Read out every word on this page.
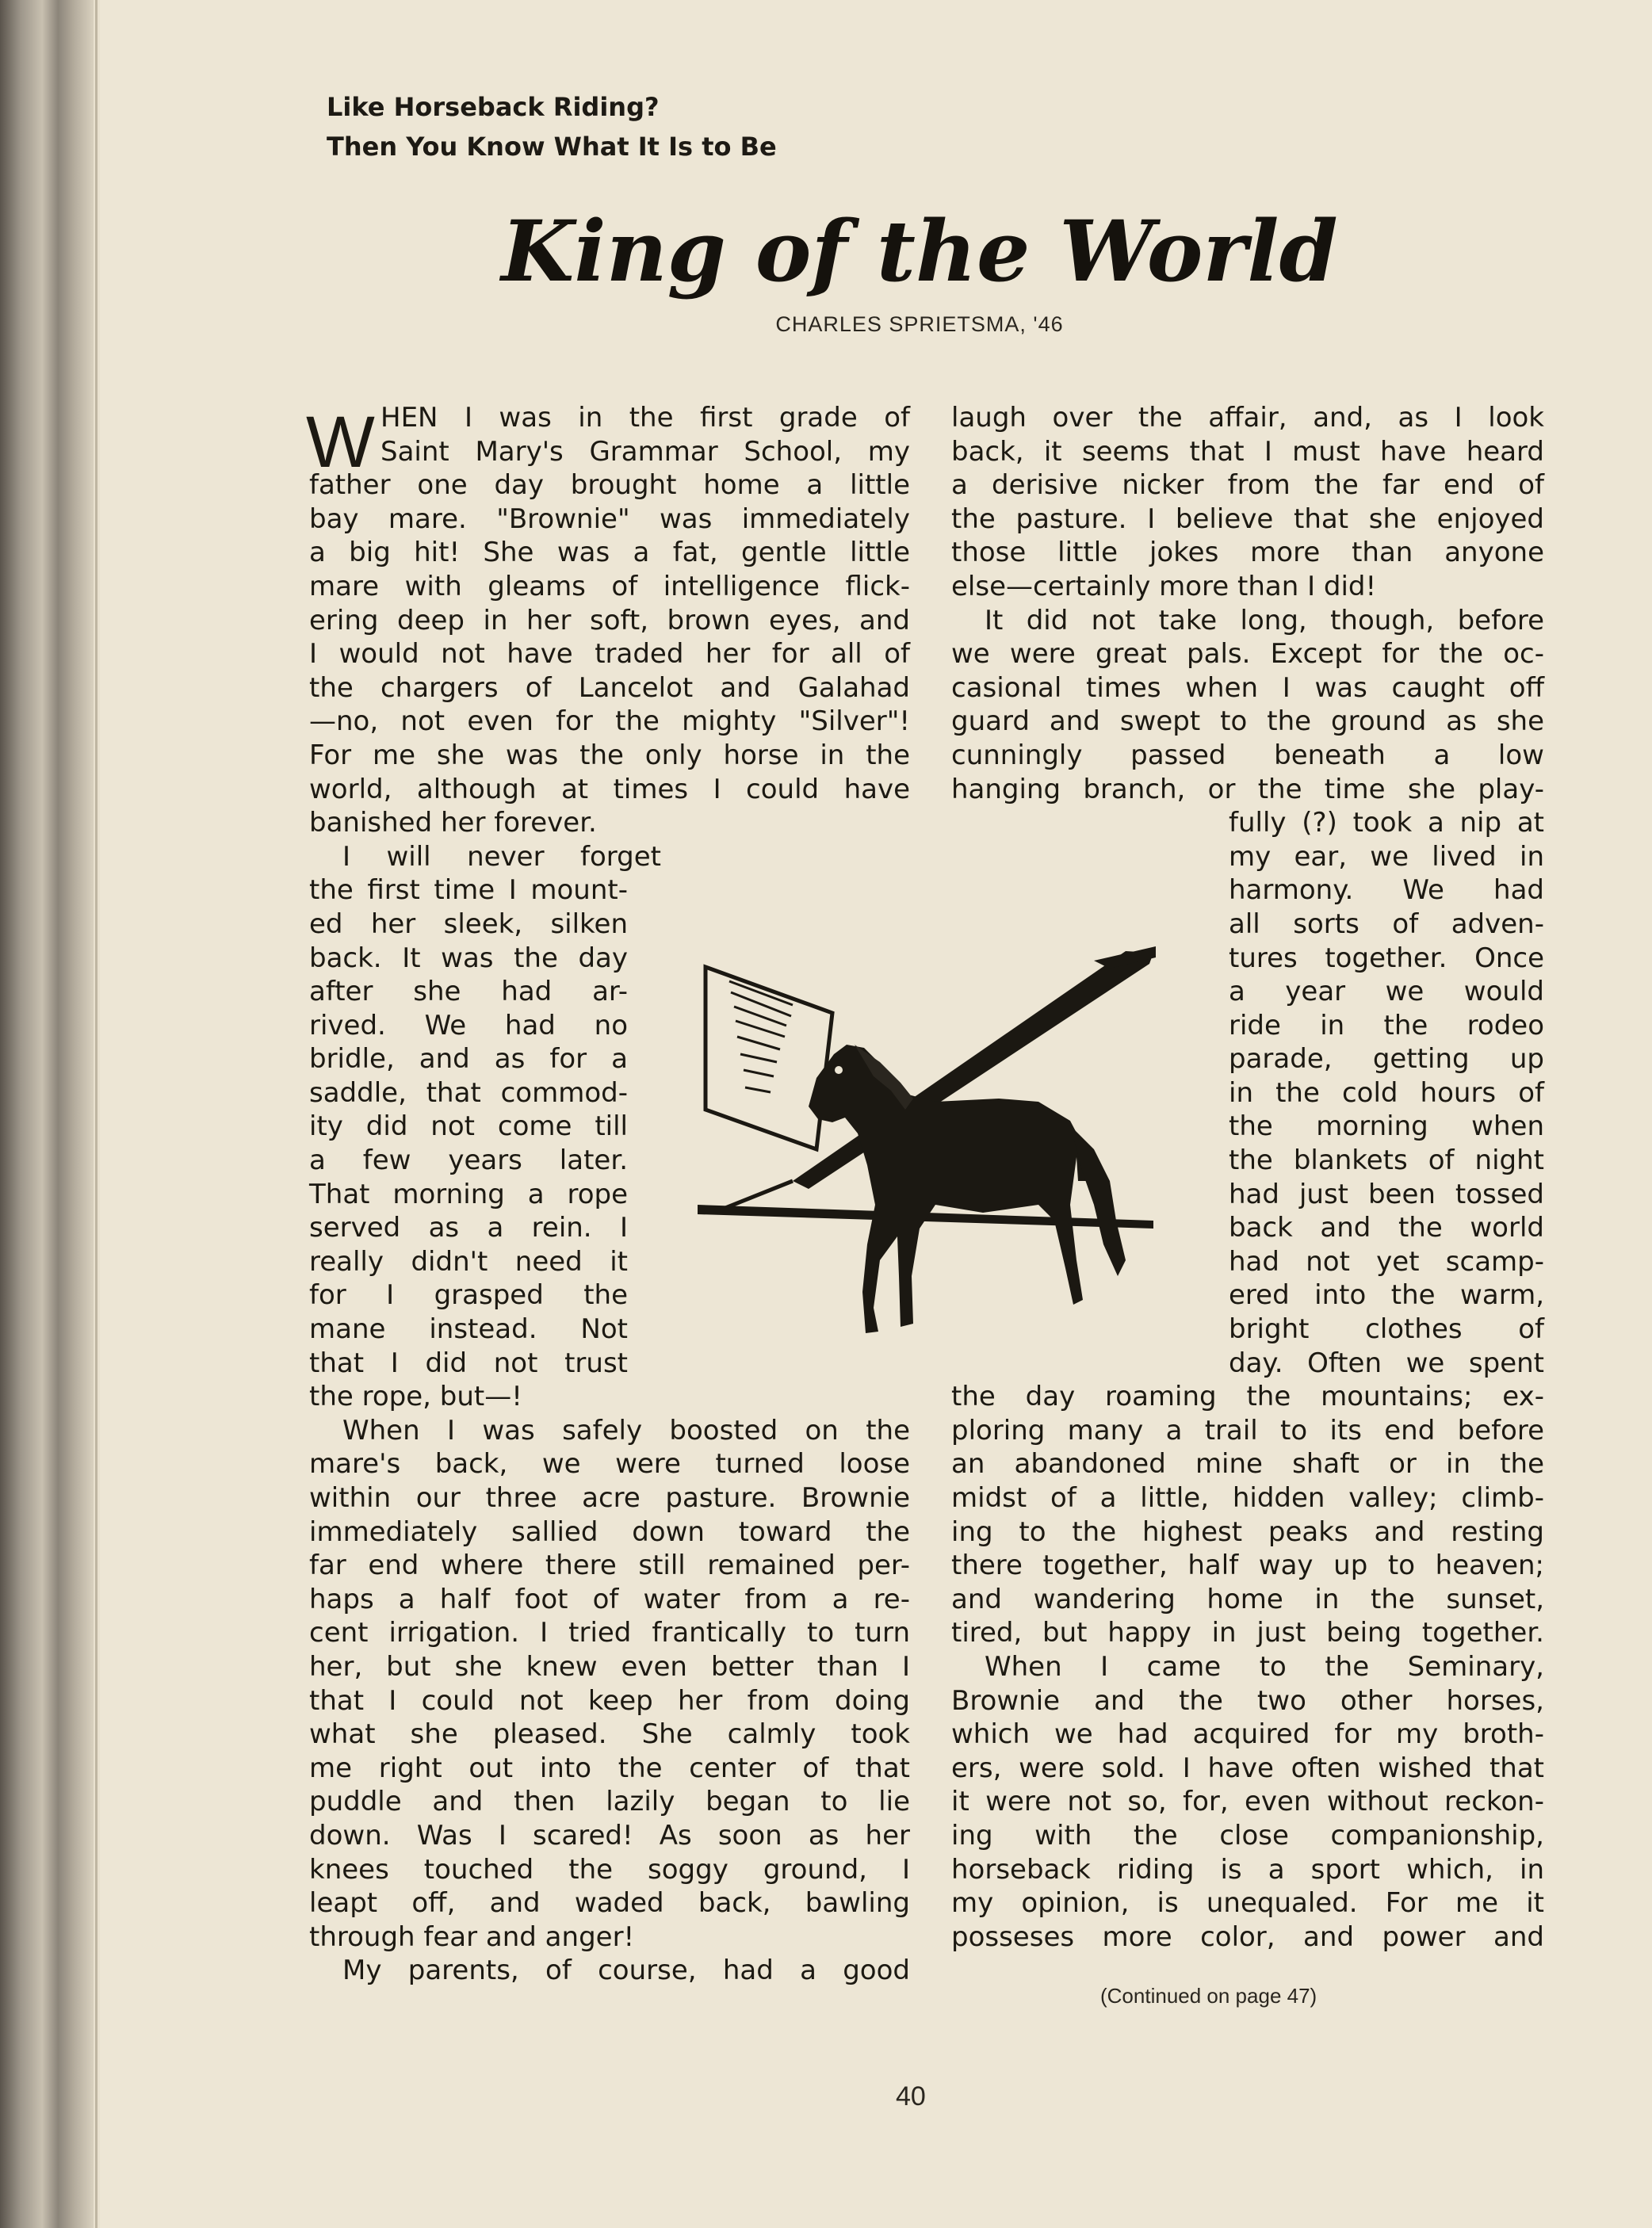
Like Horseback Riding?
Then You Know What It Is to Be
King of the World
CHARLES SPRIETSMA, '46
W HEN I was in the first grade of
Saint Mary's Grammar School, my
father one day brought home a little
bay mare. "Brownie" was immediately
a big hit! She was a fat, gentle little
mare with gleams of intelligence flick-
ering deep in her soft, brown eyes, and
I would not have traded her for all of
the chargers of Lancelot and Galahad
—no, not even for the mighty "Silver"!
For me she was the only horse in the
world, although at times I could have
banished her forever.
I will never forget
the first time I mount-
ed her sleek, silken
back. It was the day
after she had ar-
rived. We had no
bridle, and as for a
saddle, that commod-
ity did not come till
a few years later.
That morning a rope
served as a rein. I
really didn't need it
for I grasped the
mane instead. Not
that I did not trust
the rope, but—!
When I was safely boosted on the
mare's back, we were turned loose
within our three acre pasture. Brownie
immediately sallied down toward the
far end where there still remained per-
haps a half foot of water from a re-
cent irrigation. I tried frantically to turn
her, but she knew even better than I
that I could not keep her from doing
what she pleased. She calmly took
me right out into the center of that
puddle and then lazily began to lie
down. Was I scared! As soon as her
knees touched the soggy ground, I
leapt off, and waded back, bawling
through fear and anger!
My parents, of course, had a good
laugh over the affair, and, as I look
back, it seems that I must have heard
a derisive nicker from the far end of
the pasture. I believe that she enjoyed
those little jokes more than anyone
else—certainly more than I did!
It did not take long, though, before
we were great pals. Except for the oc-
casional times when I was caught off
guard and swept to the ground as she
cunningly passed beneath a low
hanging branch, or the time she play-
fully (?) took a nip at
my ear, we lived in
harmony. We had
all sorts of adven-
tures together. Once
a year we would
ride in the rodeo
parade, getting up
in the cold hours of
the morning when
the blankets of night
had just been tossed
back and the world
had not yet scamp-
ered into the warm,
bright clothes of
day. Often we spent
the day roaming the mountains; ex-
ploring many a trail to its end before
an abandoned mine shaft or in the
midst of a little, hidden valley; climb-
ing to the highest peaks and resting
there together, half way up to heaven;
and wandering home in the sunset,
tired, but happy in just being together.
When I came to the Seminary,
Brownie and the two other horses,
which we had acquired for my broth-
ers, were sold. I have often wished that
it were not so, for, even without reckon-
ing with the close companionship,
horseback riding is a sport which, in
my opinion, is unequaled. For me it
posseses more color, and power and
(Continued on page 47)
40
